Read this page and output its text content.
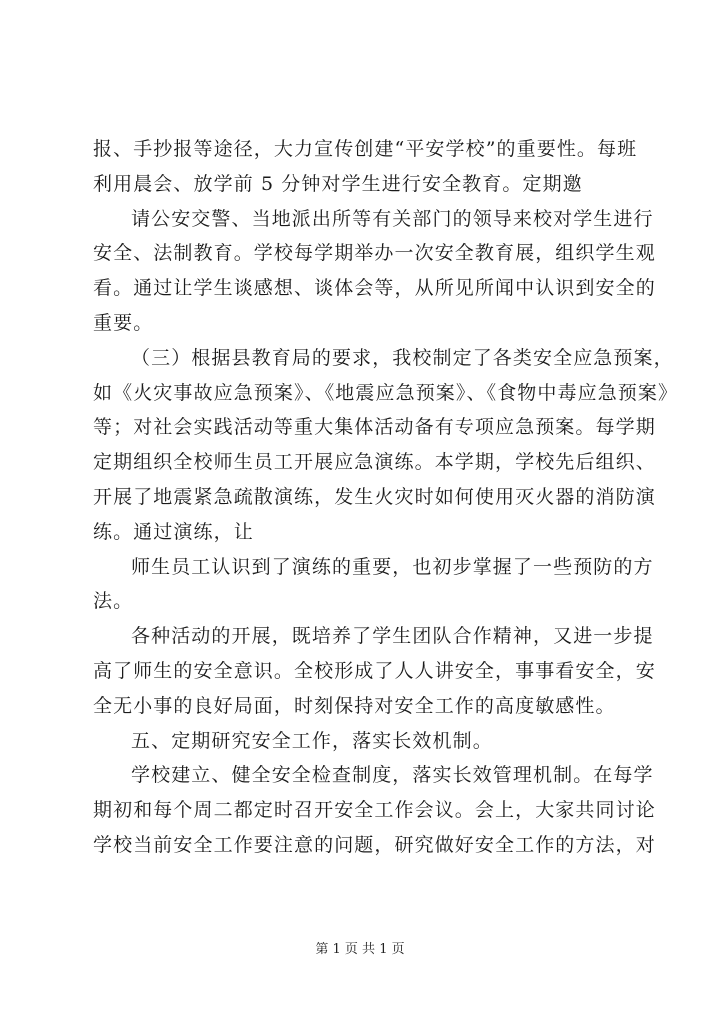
报、手抄报等途径，大力宣传创建“平安学校”的重要性。每班
利用晨会、放学前 5 分钟对学生进行安全教育。定期邀
请公安交警、当地派出所等有关部门的领导来校对学生进行
安全、法制教育。学校每学期举办一次安全教育展，组织学生观
看。通过让学生谈感想、谈体会等，从所见所闻中认识到安全的
重要。
（三）根据县教育局的要求，我校制定了各类安全应急预案，
如《火灾事故应急预案》、《地震应急预案》、《食物中毒应急预案》
等；对社会实践活动等重大集体活动备有专项应急预案。每学期
定期组织全校师生员工开展应急演练。本学期，学校先后组织、
开展了地震紧急疏散演练，发生火灾时如何使用灭火器的消防演
练。通过演练，让
师生员工认识到了演练的重要，也初步掌握了一些预防的方
法。
各种活动的开展，既培养了学生团队合作精神，又进一步提
高了师生的安全意识。全校形成了人人讲安全，事事看安全，安
全无小事的良好局面，时刻保持对安全工作的高度敏感性。
五、定期研究安全工作，落实长效机制。
学校建立、健全安全检查制度，落实长效管理机制。在每学
期初和每个周二都定时召开安全工作会议。会上，大家共同讨论
学校当前安全工作要注意的问题，研究做好安全工作的方法，对
第 1 页 共 1 页
